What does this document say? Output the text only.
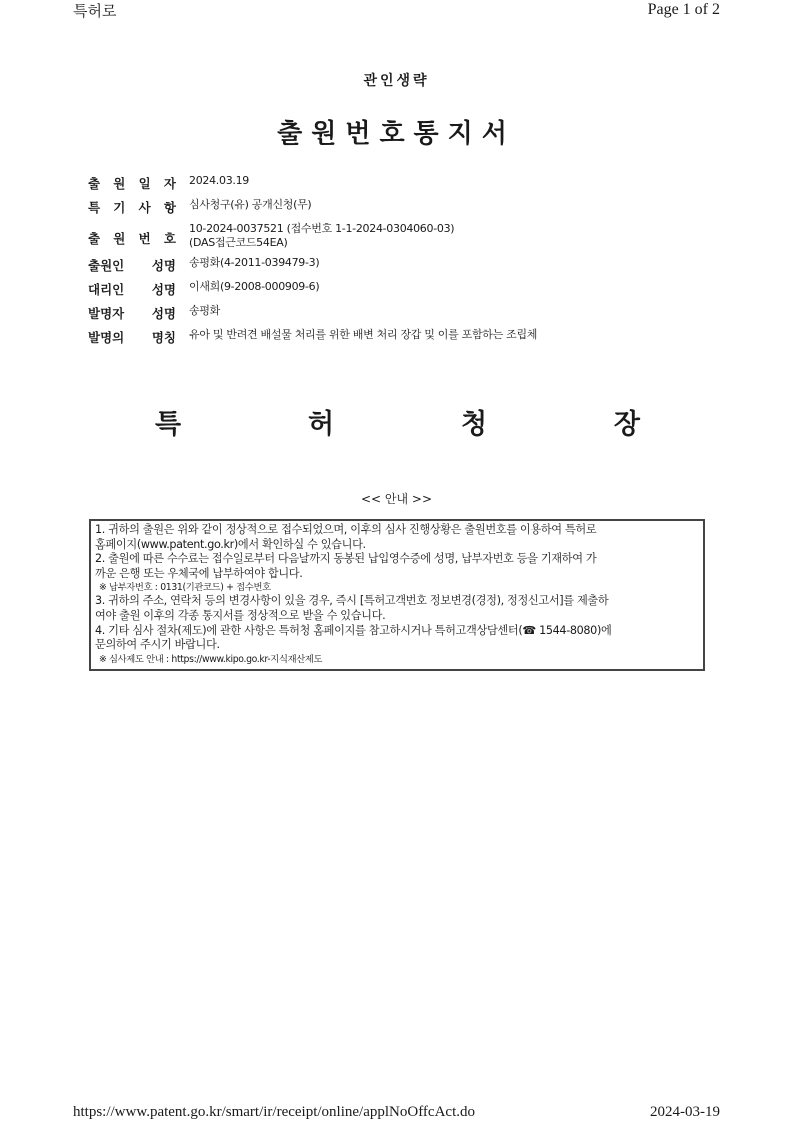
특허로	Page 1 of 2
관인생략
출원번호통지서
출 원 일 자 2024.03.19
특 기 사 항 심사청구(유) 공개신청(무)
출 원 번 호
10-2024-0037521 (접수번호 1-1-2024-0304060-03)
(DAS접근코드54EA)
출원인 성명 송평화(4-2011-039479-3)
대리인 성명 이새희(9-2008-000909-6)
발명자 성명 송평화
발명의 명칭 유아 및 반려견 배설물 처리를 위한 배변 처리 장갑 및 이를 포함하는 조립체
특	허	청	장
<< 안내 >>
1. 귀하의 출원은 위와 같이 정상적으로 접수되었으며, 이후의 심사 진행상황은 출원번호를 이용하여 특허로
홈페이지(www.patent.go.kr)에서 확인하실 수 있습니다.
2. 출원에 따른 수수료는 접수일로부터 다음날까지 동봉된 납입영수증에 성명, 납부자번호 등을 기재하여 가
까운 은행 또는 우체국에 납부하여야 합니다.
※ 납부자번호 : 0131(기관코드) + 접수번호
3. 귀하의 주소, 연락처 등의 변경사항이 있을 경우, 즉시 [특허고객번호 정보변경(경정), 정정신고서]를 제출하
여야 출원 이후의 각종 통지서를 정상적으로 받을 수 있습니다.
4. 기타 심사 절차(제도)에 관한 사항은 특허청 홈페이지를 참고하시거나 특허고객상담센터(☎ 1544-8080)에
문의하여 주시기 바랍니다.
※ 심사제도 안내 : https://www.kipo.go.kr-지식재산제도
https://www.patent.go.kr/smart/ir/receipt/online/applNoOffcAct.do	2024-03-19
